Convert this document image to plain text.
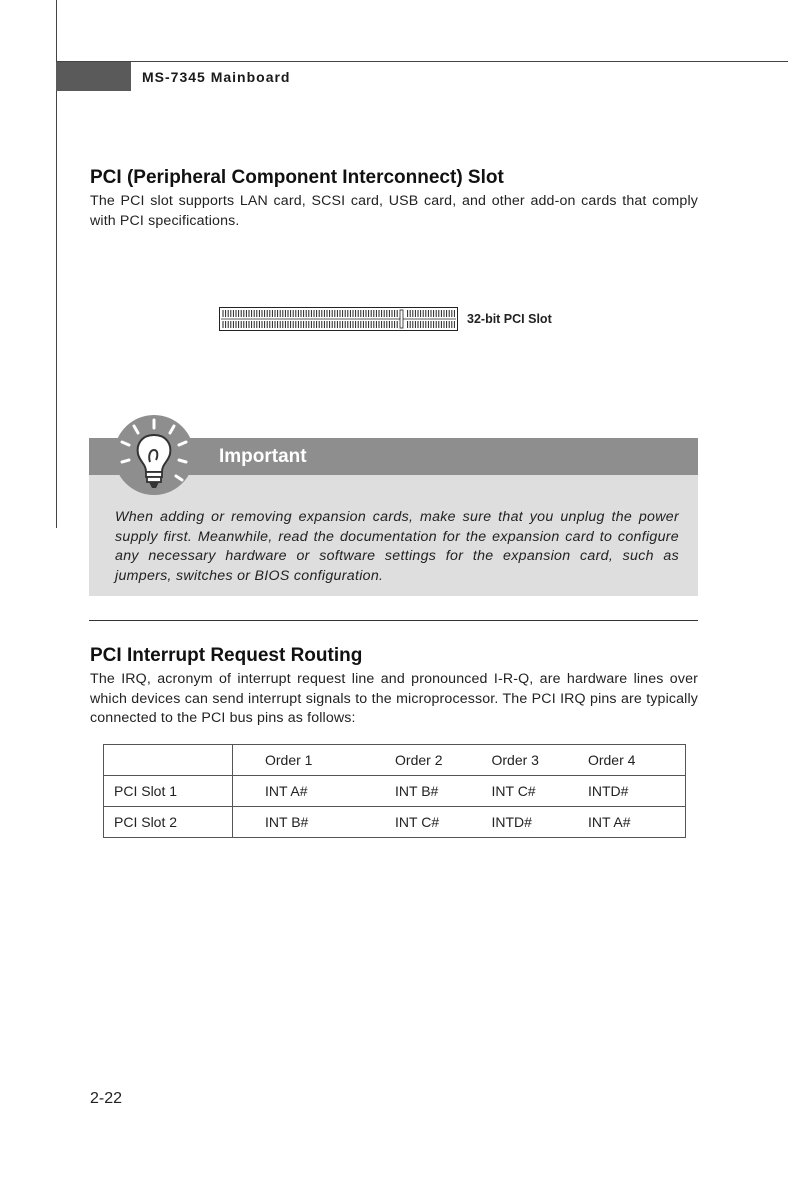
MS-7345 Mainboard
PCI (Peripheral Component Interconnect) Slot

The PCI slot supports LAN card, SCSI card, USB card, and other add-on cards that comply with PCI specifications.

32-bit PCI Slot
Important

When adding or removing expansion cards, make sure that you unplug the power supply first. Meanwhile, read the documentation for the expansion card to configure any necessary hardware or software settings for the expansion card, such as jumpers, switches or BIOS configuration.

PCI Interrupt Request Routing

The IRQ, acronym of interrupt request line and pronounced I-R-Q, are hardware lines over which devices can send interrupt signals to the microprocessor. The PCI IRQ pins are typically connected to the PCI bus pins as follows:

	Order 1	Order 2	Order 3	Order 4
PCI Slot 1	INT A#	INT B#	INT C#	INTD#
PCI Slot 2	INT B#	INT C#	INTD#	INT A#
2-22
